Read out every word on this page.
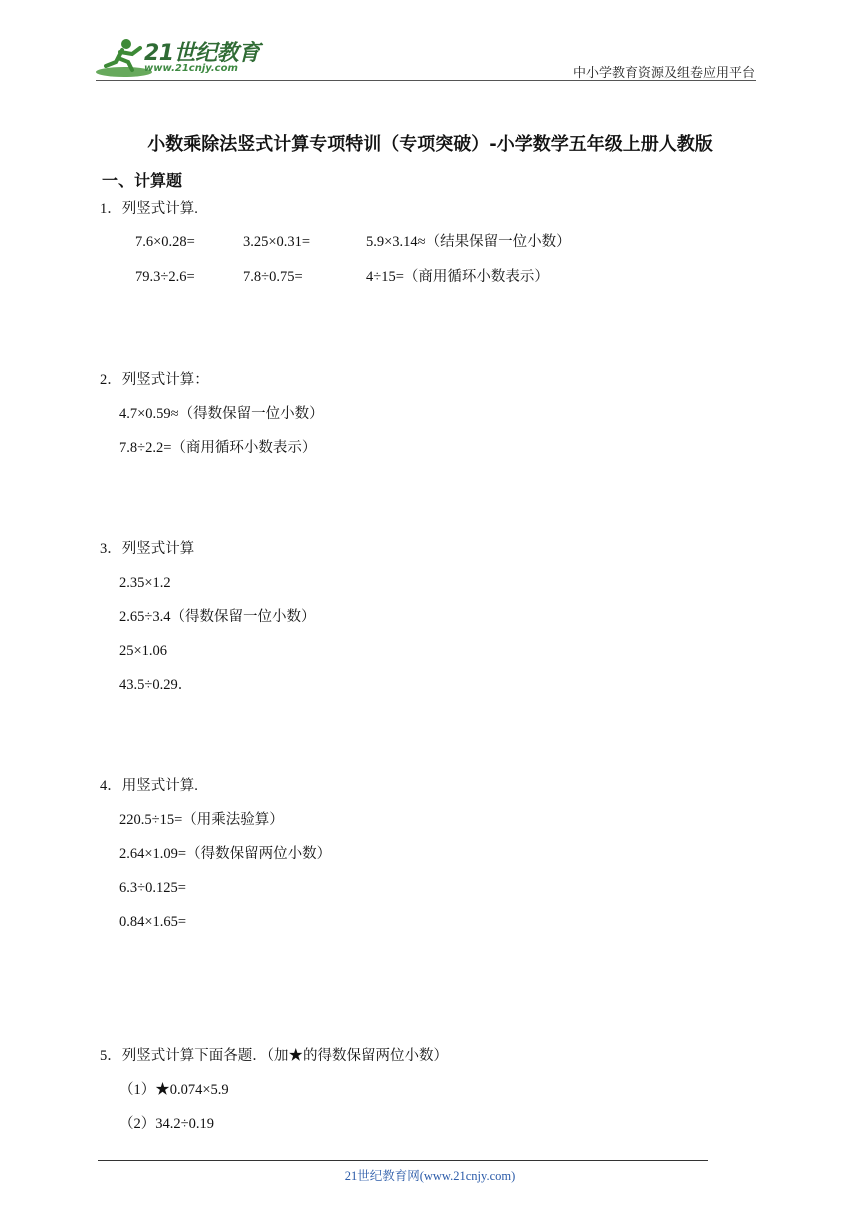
21世纪教育
www.21cnjy.com	中小学教育资源及组卷应用平台
小数乘除法竖式计算专项特训（专项突破）-小学数学五年级上册人教版
一、计算题
1．列竖式计算.
7.6×0.28=	3.25×0.31=	5.9×3.14≈（结果保留一位小数）
79.3÷2.6=	7.8÷0.75=	4÷15=（商用循环小数表示）
2．列竖式计算：
4.7×0.59≈（得数保留一位小数）
7.8÷2.2=（商用循环小数表示）
3．列竖式计算
2.35×1.2
2.65÷3.4（得数保留一位小数）
25×1.06
43.5÷0.29．
4．用竖式计算.
220.5÷15=（用乘法验算）
2.64×1.09=（得数保留两位小数）
6.3÷0.125=
0.84×1.65=
5．列竖式计算下面各题．（加★的得数保留两位小数）
（1）★0.074×5.9
（2）34.2÷0.19
21世纪教育网(www.21cnjy.com)
